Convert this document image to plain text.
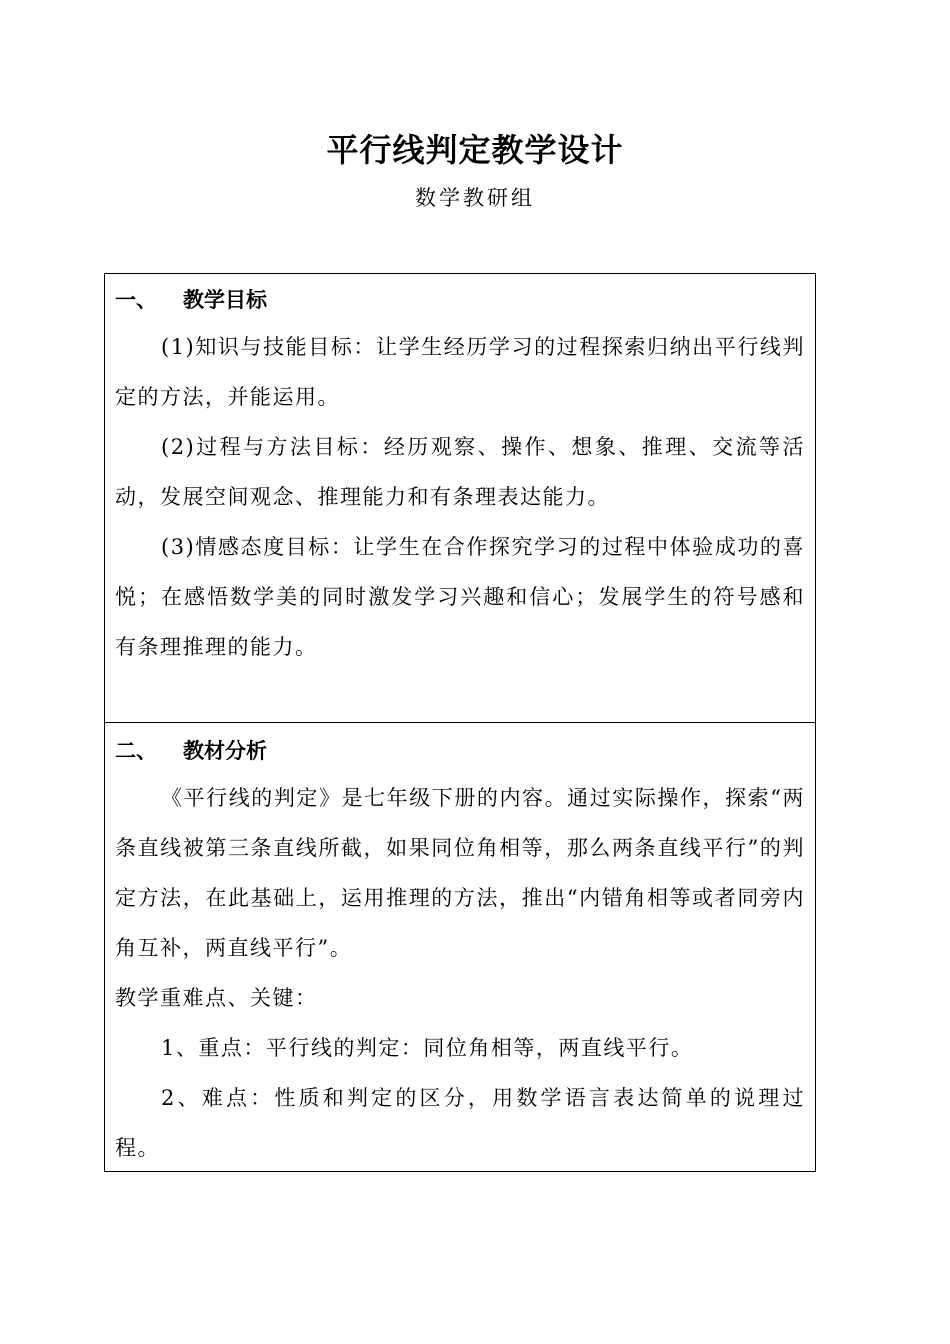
平行线判定教学设计
数学教研组
一、 教学目标

(1)知识与技能目标：让学生经历学习的过程探索归纳出平行线判定的方法，并能运用。

(2)过程与方法目标：经历观察、操作、想象、推理、交流等活动，发展空间观念、推理能力和有条理表达能力。

(3)情感态度目标：让学生在合作探究学习的过程中体验成功的喜悦；在感悟数学美的同时激发学习兴趣和信心；发展学生的符号感和有条理推理的能力。

二、 教材分析

《平行线的判定》是七年级下册的内容。通过实际操作，探索“两条直线被第三条直线所截，如果同位角相等，那么两条直线平行”的判定方法，在此基础上，运用推理的方法，推出“内错角相等或者同旁内角互补，两直线平行”。

教学重难点、关键：

1、重点：平行线的判定：同位角相等，两直线平行。

2、难点：性质和判定的区分，用数学语言表达简单的说理过程。
